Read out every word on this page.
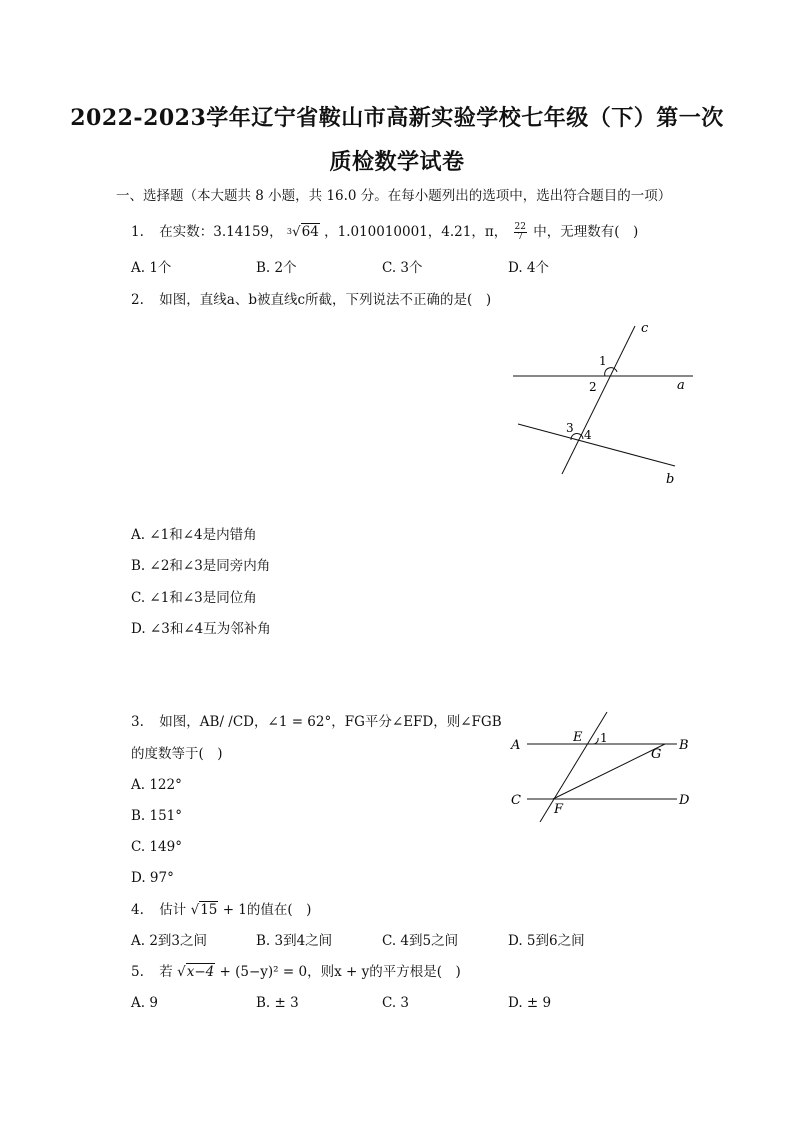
2022-2023学年辽宁省鞍山市高新实验学校七年级（下）第一次
质检数学试卷
一、选择题（本大题共 8 小题，共 16.0 分。在每小题列出的选项中，选出符合题目的一项）
1. 在实数：3.14159， $^3$√64 ，1.010010001，4.21，π， $\frac{22}{7}$ 中，无理数有(　)
A. 1个	B. 2个	C. 3个	D. 4个
2. 如图，直线a、b被直线c所截，下列说法不正确的是(　)
c
1
2	a
3 4
b
A. ∠1和∠4是内错角
B. ∠2和∠3是同旁内角
C. ∠1和∠3是同位角
D. ∠3和∠4互为邻补角
3. 如图，AB/ /CD，∠1 = 62°，FG平分∠EFD，则∠FGB
的度数等于(　)
A
E 1	B
G
C
F
D
A. 122°
B. 151°
C. 149°
D. 97°
4. 估计 √15 + 1的值在(　)
A. 2到3之间	B. 3到4之间	C. 4到5之间	D. 5到6之间
5. 若 √x−4 + (5−y)² = 0，则x + y的平方根是(　)
A. 9	B. ± 3	C. 3	D. ± 9
